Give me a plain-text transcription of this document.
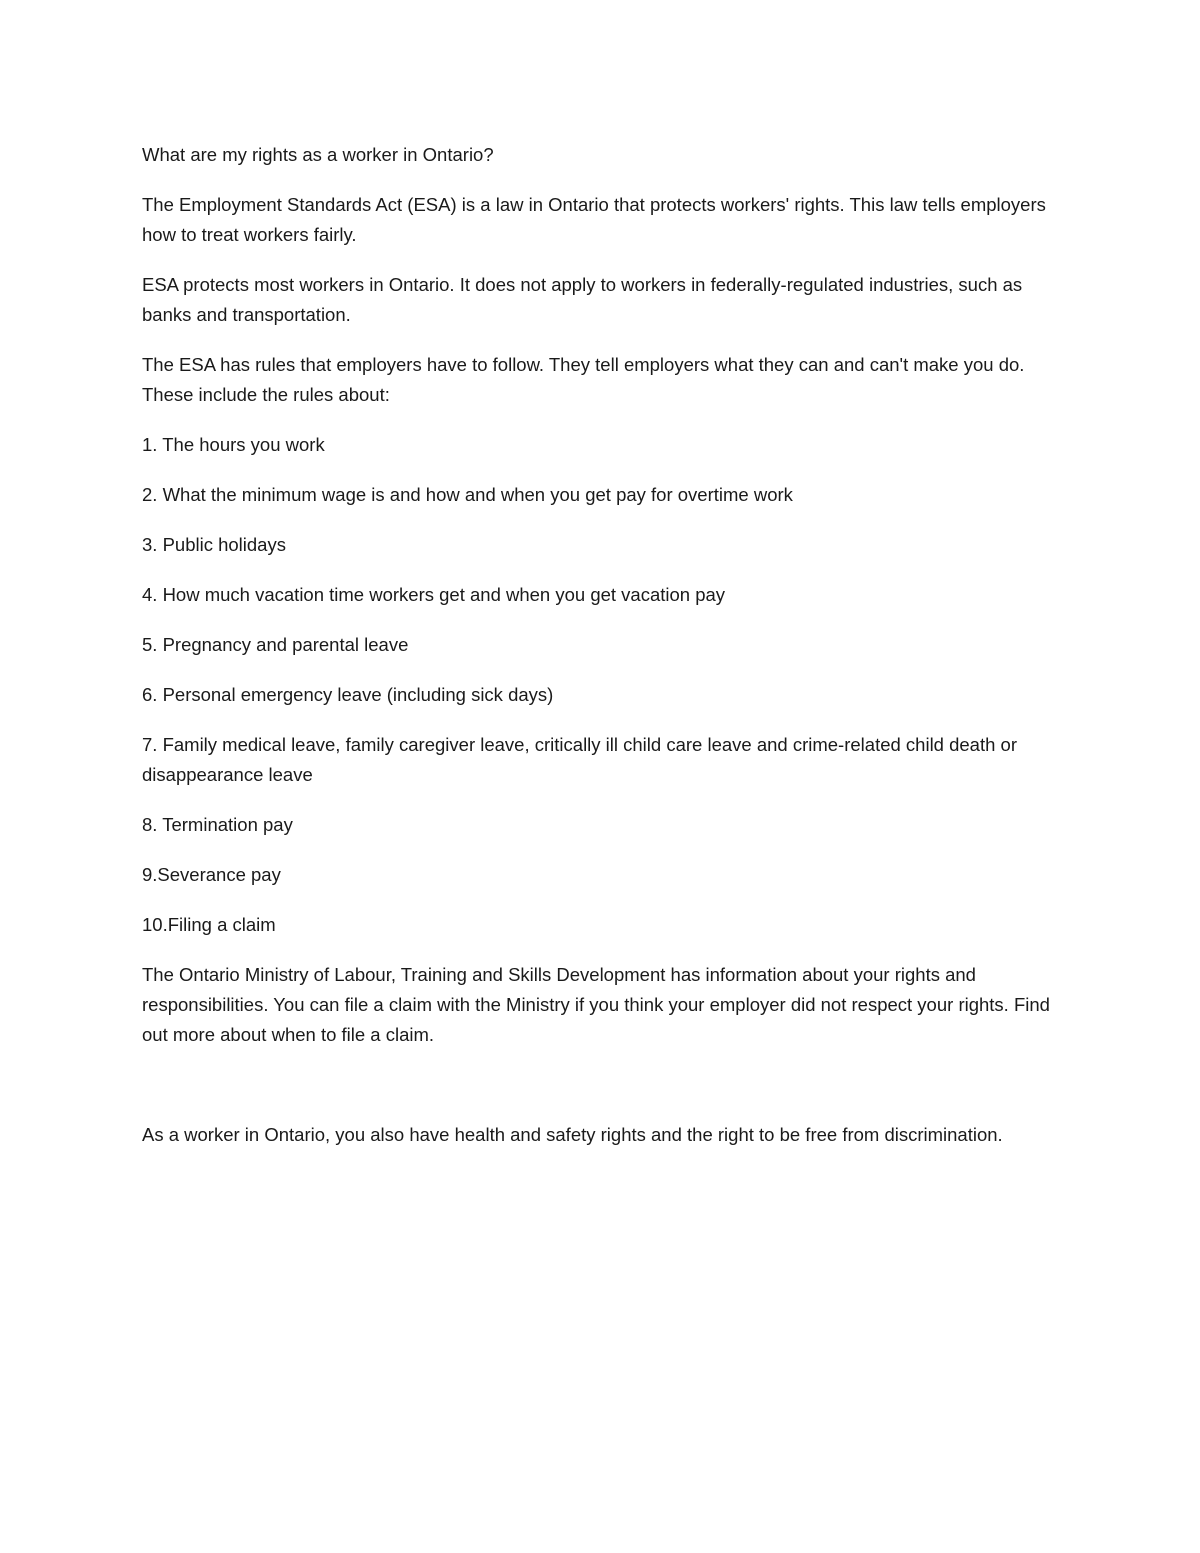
What are my rights as a worker in Ontario?

The Employment Standards Act (ESA) is a law in Ontario that protects workers' rights. This law tells employers how to treat workers fairly.

ESA protects most workers in Ontario. It does not apply to workers in federally-regulated industries, such as banks and transportation.

The ESA has rules that employers have to follow. They tell employers what they can and can't make you do. These include the rules about:

1. The hours you work
2. What the minimum wage is and how and when you get pay for overtime work
3. Public holidays
4. How much vacation time workers get and when you get vacation pay
5. Pregnancy and parental leave
6. Personal emergency leave (including sick days)
7. Family medical leave, family caregiver leave, critically ill child care leave and crime-related child death or disappearance leave
8. Termination pay
9.Severance pay
10.Filing a claim

The Ontario Ministry of Labour, Training and Skills Development has information about your rights and responsibilities. You can file a claim with the Ministry if you think your employer did not respect your rights. Find out more about when to file a claim.

As a worker in Ontario, you also have health and safety rights and the right to be free from discrimination.
